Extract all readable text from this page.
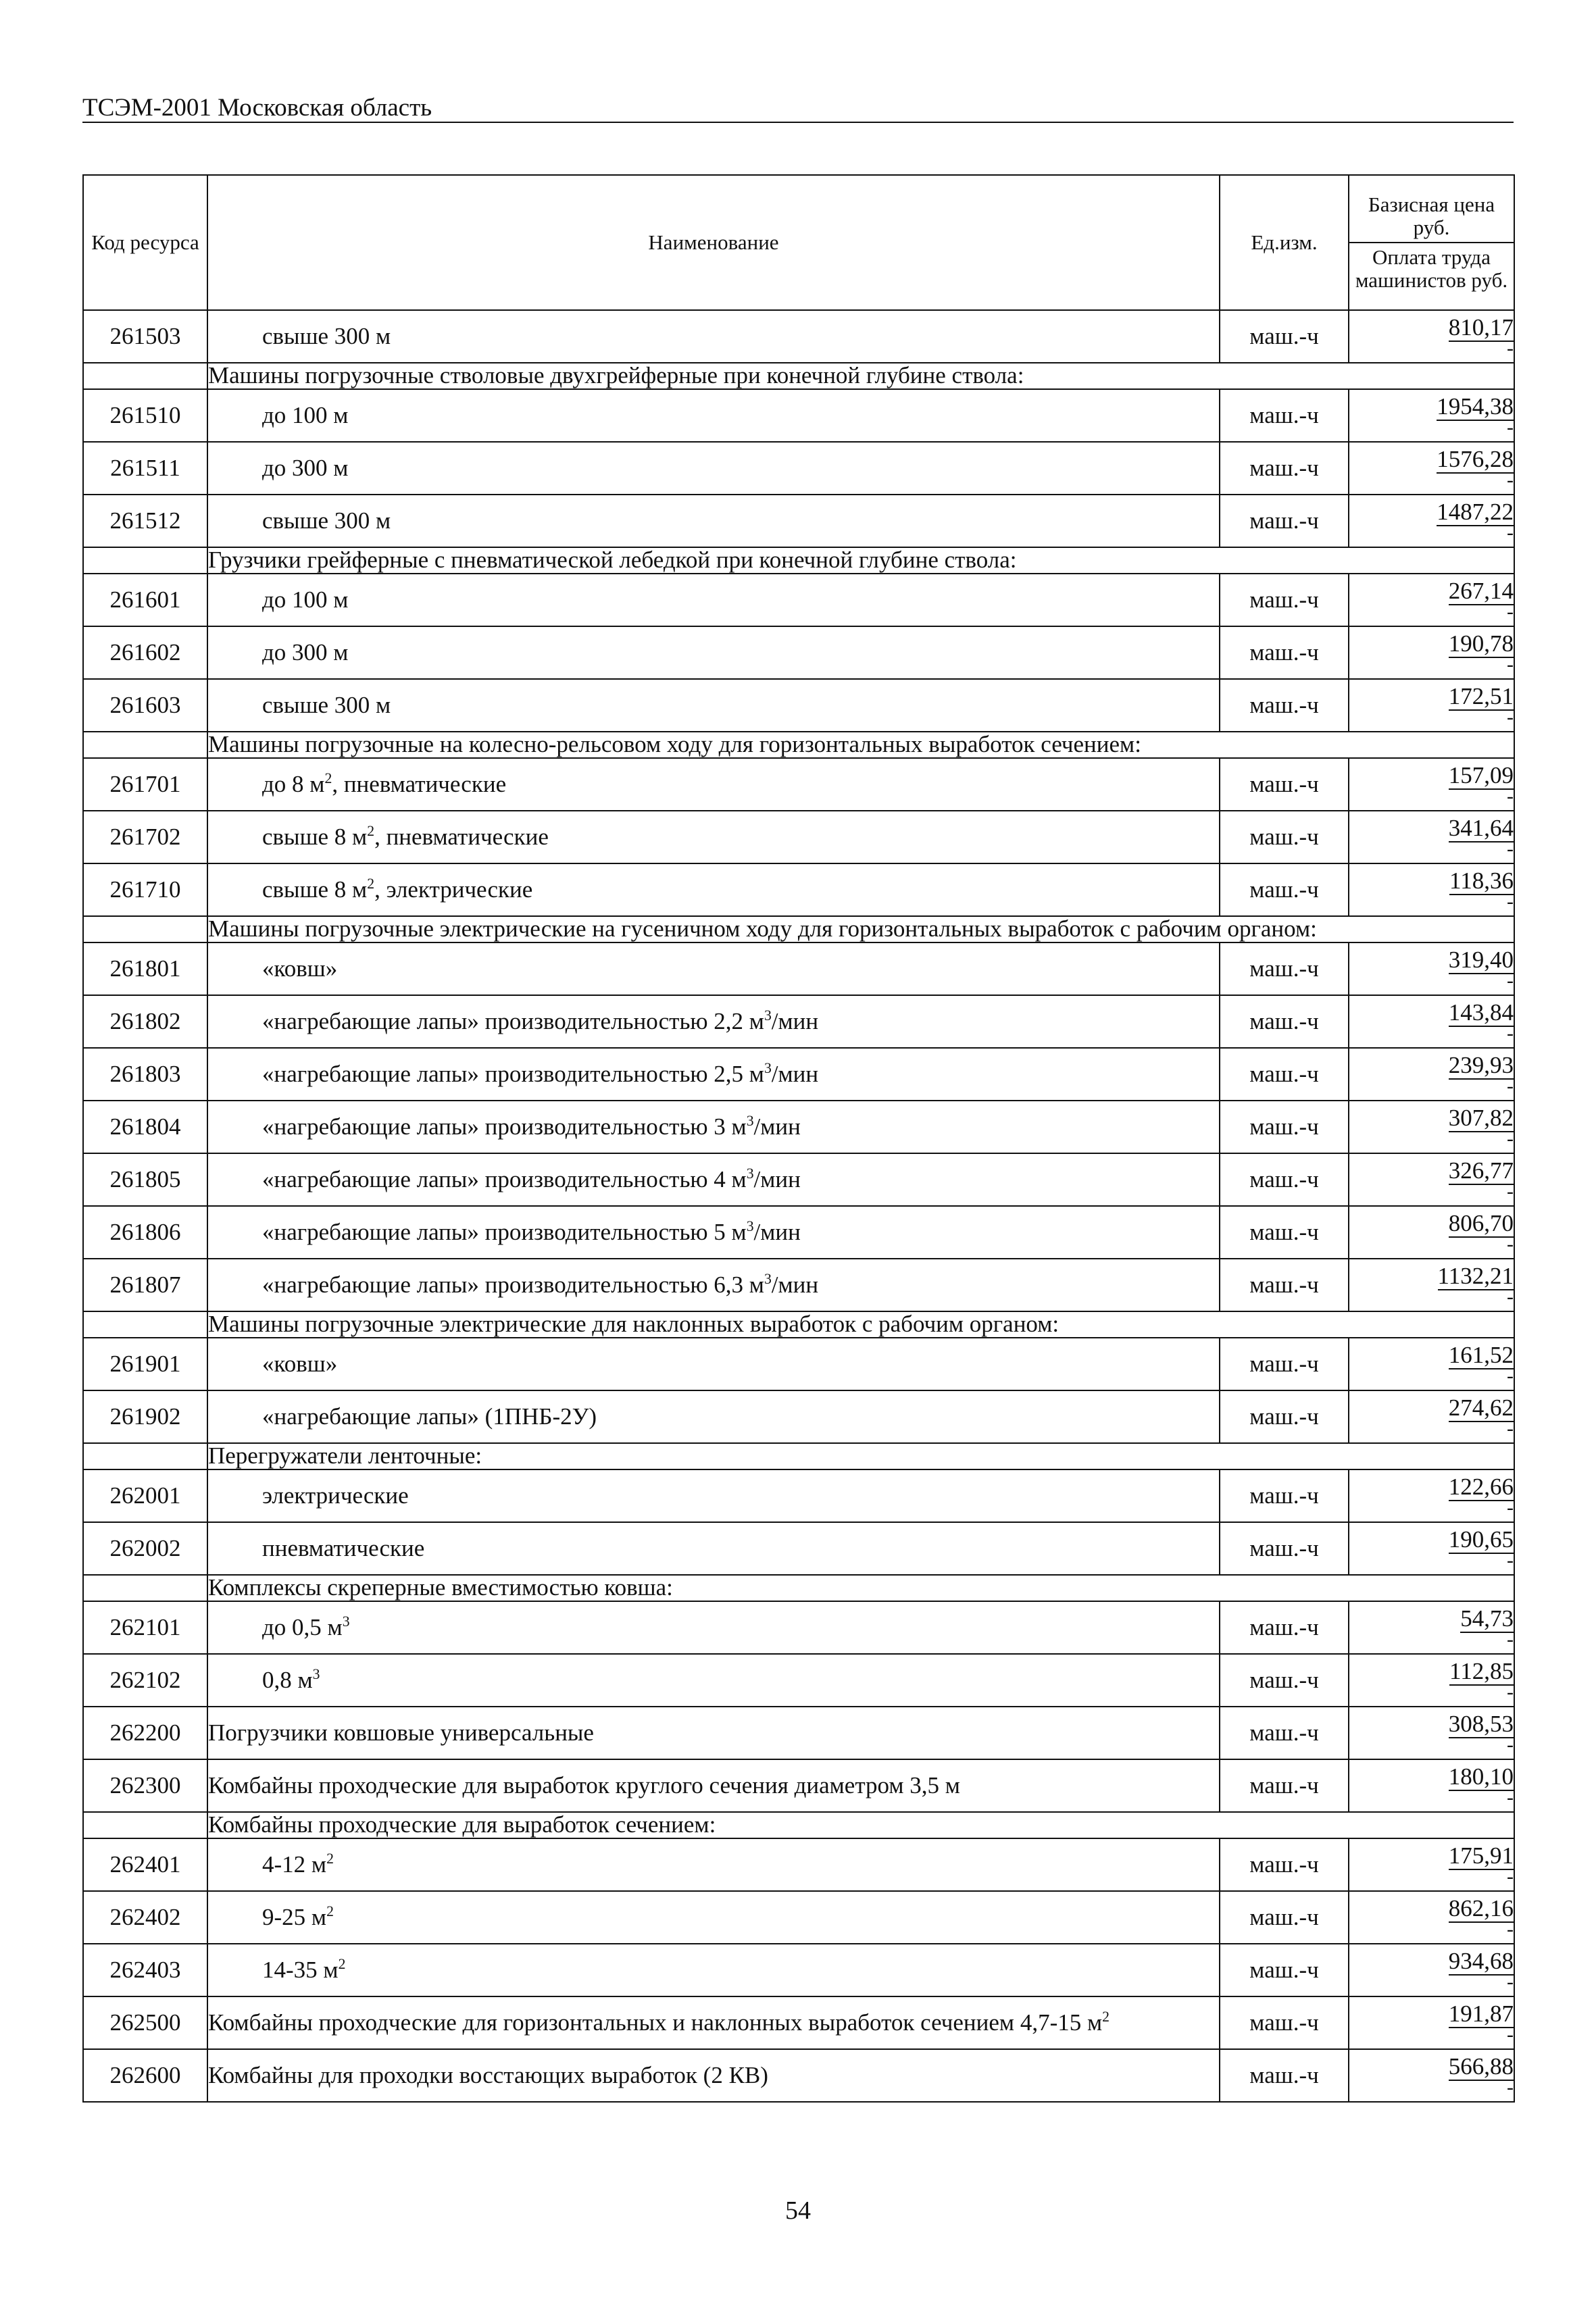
ТСЭМ-2001 Московская область
Код ресурса	Наименование	Ед.изм.	Базисная цена руб.
Оплата труда машинистов руб.
261503	свыше 300 м	маш.-ч	810,17
-

	Машины погрузочные стволовые двухгрейферные при конечной глубине ствола:		
261510	до 100 м	маш.-ч	1954,38
-

261511	до 300 м	маш.-ч	1576,28
-

261512	свыше 300 м	маш.-ч	1487,22
-

	Грузчики грейферные с пневматической лебедкой при конечной глубине ствола:		
261601	до 100 м	маш.-ч	267,14
-

261602	до 300 м	маш.-ч	190,78
-

261603	свыше 300 м	маш.-ч	172,51
-

	Машины погрузочные на колесно-рельсовом ходу для горизонтальных выработок сечением:		
261701	до 8 $м^2$, пневматические	маш.-ч	157,09
-

261702	свыше 8 $м^2$, пневматические	маш.-ч	341,64
-

261710	свыше 8 $м^2$, электрические	маш.-ч	118,36
-

	Машины погрузочные электрические на гусеничном ходу для горизонтальных выработок с рабочим органом:		
261801	«ковш»	маш.-ч	319,40
-

261802	«нагребающие лапы» производительностью 2,2 $м^3$/мин	маш.-ч	143,84
-

261803	«нагребающие лапы» производительностью 2,5 $м^3$/мин	маш.-ч	239,93
-

261804	«нагребающие лапы» производительностью 3 $м^3$/мин	маш.-ч	307,82
-

261805	«нагребающие лапы» производительностью 4 $м^3$/мин	маш.-ч	326,77
-

261806	«нагребающие лапы» производительностью 5 $м^3$/мин	маш.-ч	806,70
-

261807	«нагребающие лапы» производительностью 6,3 $м^3$/мин	маш.-ч	1132,21
-

	Машины погрузочные электрические для наклонных выработок с рабочим органом:		
261901	«ковш»	маш.-ч	161,52
-

261902	«нагребающие лапы» (1ПНБ-2У)	маш.-ч	274,62
-

	Перегружатели ленточные:		
262001	электрические	маш.-ч	122,66
-

262002	пневматические	маш.-ч	190,65
-

	Комплексы скреперные вместимостью ковша:		
262101	до 0,5 $м^3$	маш.-ч	54,73
-

262102	0,8 $м^3$	маш.-ч	112,85
-

262200	Погрузчики ковшовые универсальные	маш.-ч	308,53
-

262300	Комбайны проходческие для выработок круглого сечения диаметром 3,5 м	маш.-ч	180,10
-

	Комбайны проходческие для выработок сечением:		
262401	4-12 $м^2$	маш.-ч	175,91
-

262402	9-25 $м^2$	маш.-ч	862,16
-

262403	14-35 $м^2$	маш.-ч	934,68
-

262500	Комбайны проходческие для горизонтальных и наклонных выработок сечением 4,7-15 $м^2$	маш.-ч	191,87
-

262600	Комбайны для проходки восстающих выработок (2 КВ)	маш.-ч	566,88
-
54
